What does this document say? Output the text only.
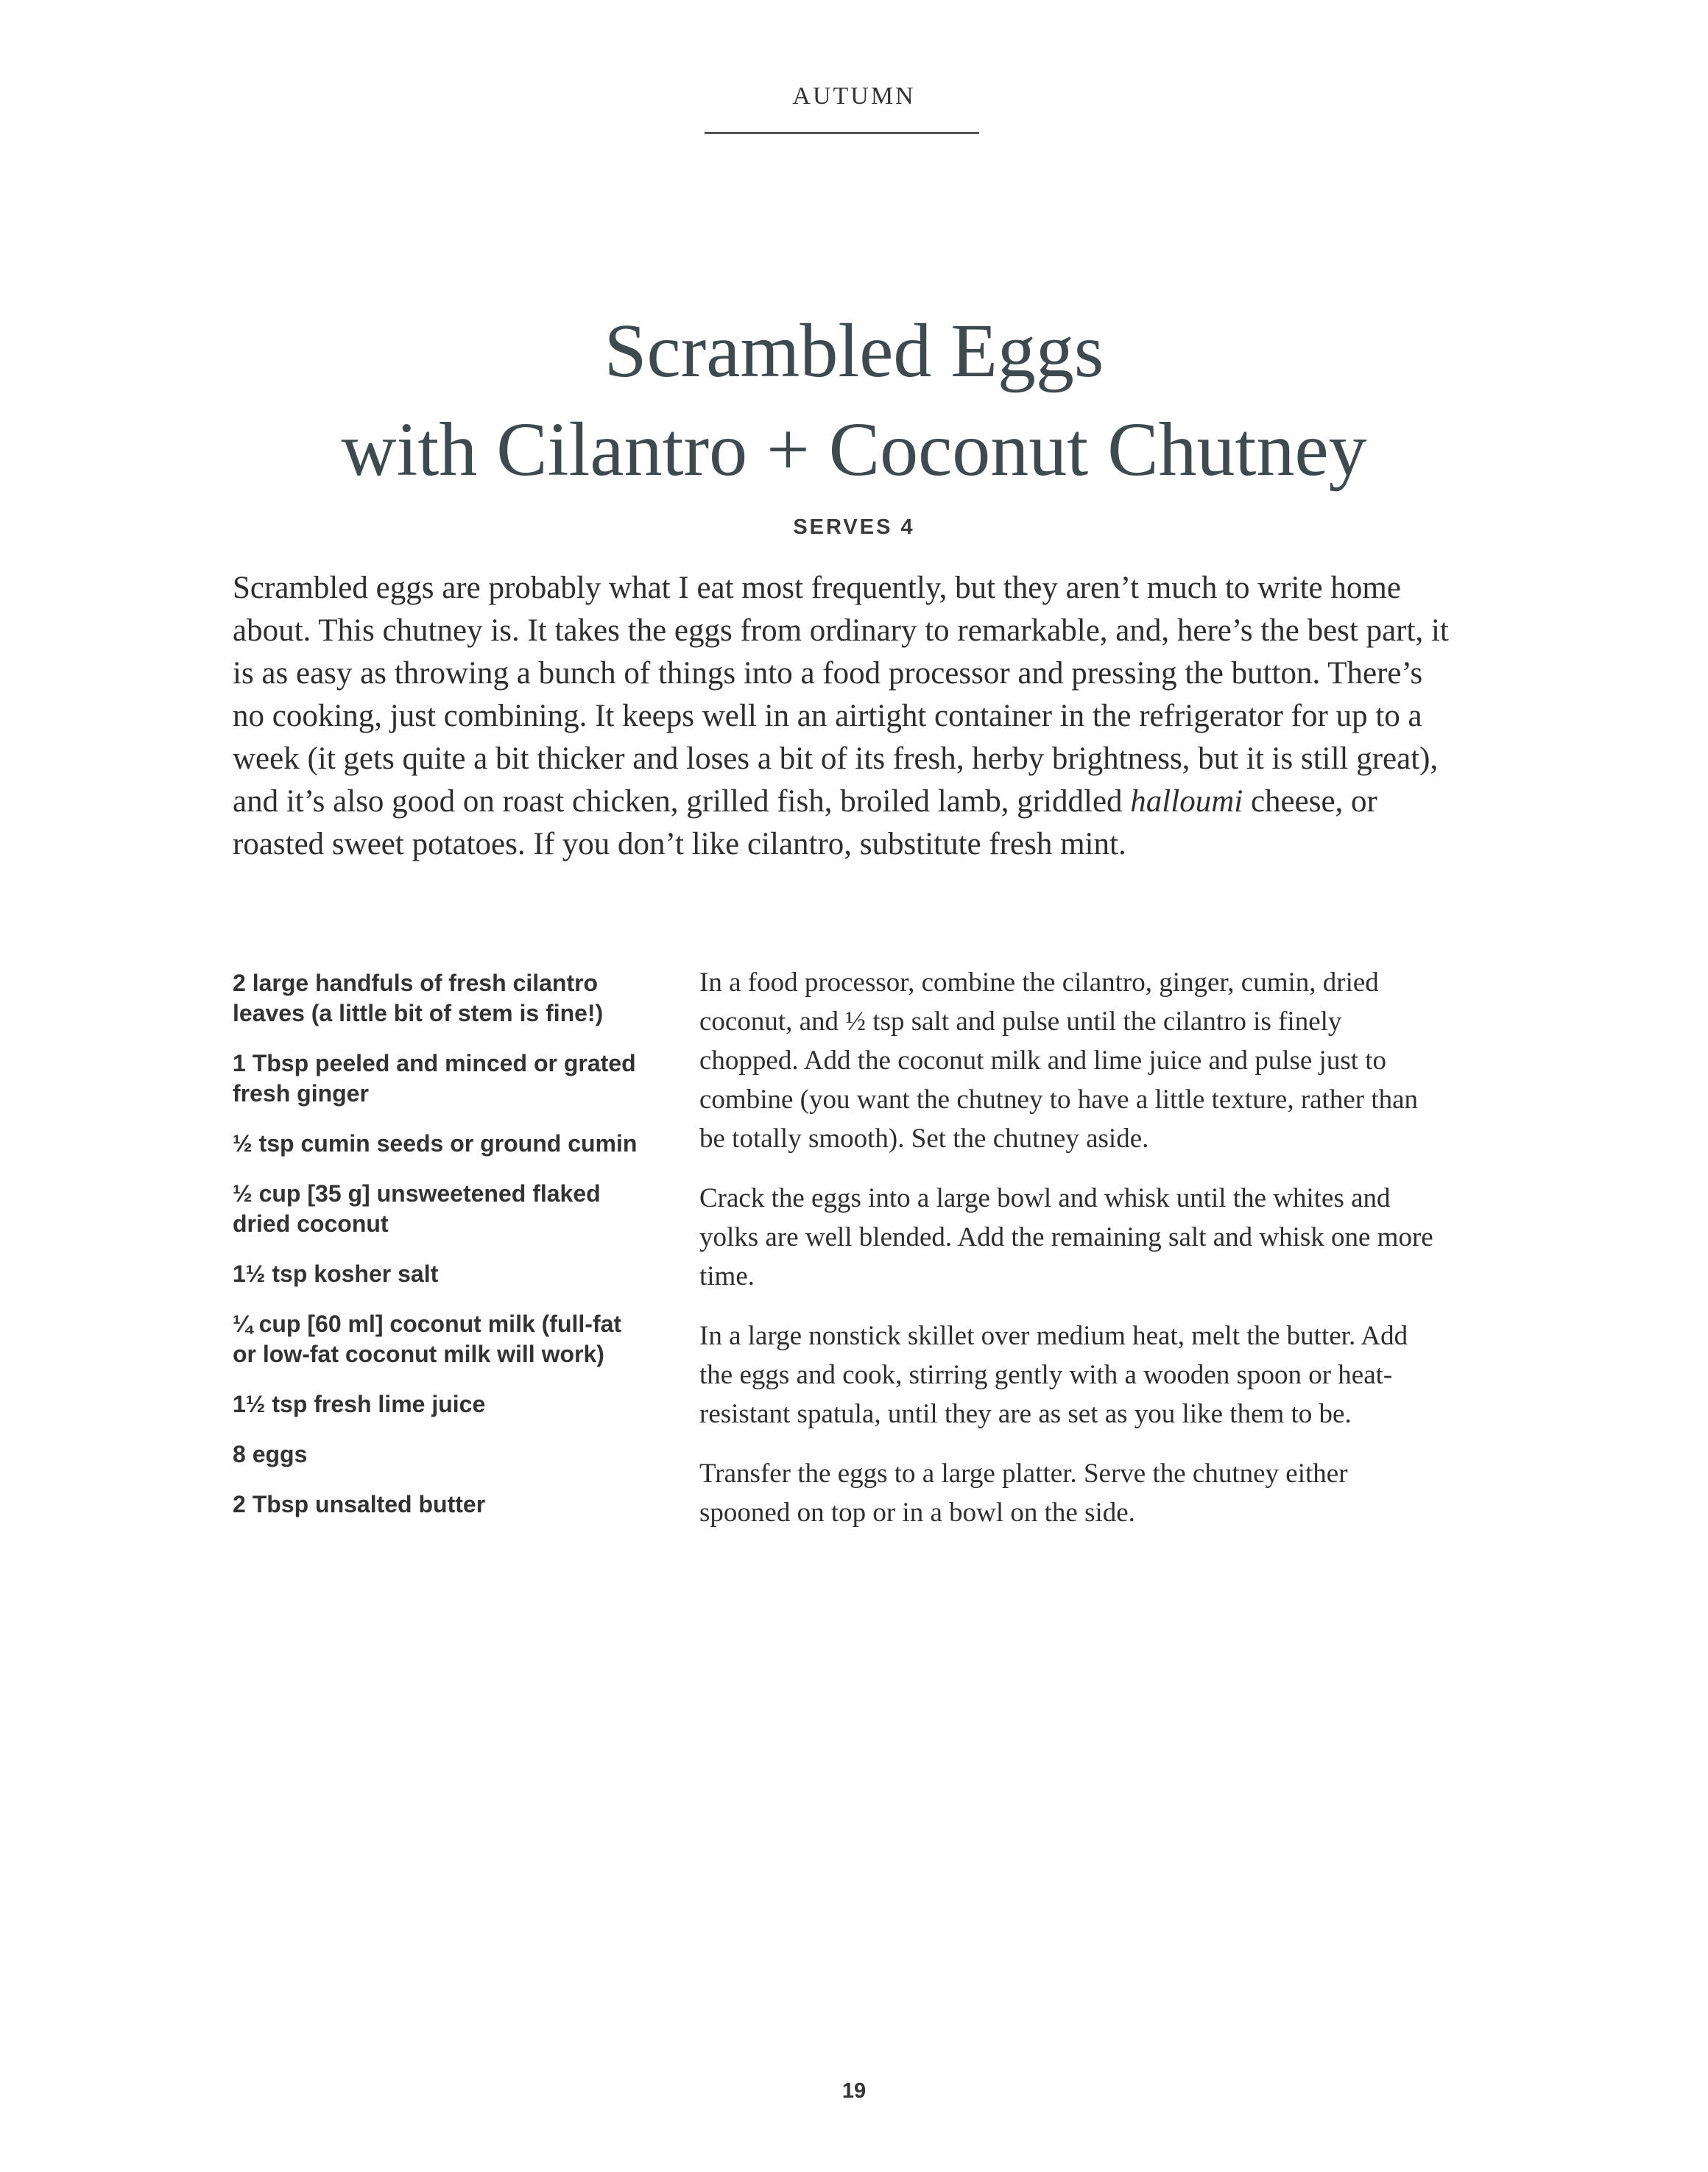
AUTUMN
Scrambled Eggs
with Cilantro + Coconut Chutney
SERVES 4

Scrambled eggs are probably what I eat most frequently, but they aren’t much to write home about. This chutney is. It takes the eggs from ordinary to remarkable, and, here’s the best part, it is as easy as throwing a bunch of things into a food processor and pressing the button. There’s no cooking, just combining. It keeps well in an airtight container in the refrigerator for up to a week (it gets quite a bit thicker and loses a bit of its fresh, herby brightness, but it is still great), and it’s also good on roast chicken, grilled fish, broiled lamb, griddled halloumi cheese, or roasted sweet potatoes. If you don’t like cilantro, substitute fresh mint.

2 large handfuls of fresh cilantro leaves (a little bit of stem is fine!)
1 Tbsp peeled and minced or grated fresh ginger
½ tsp cumin seeds or ground cumin
½ cup [35 g] unsweetened flaked dried coconut
1½ tsp kosher salt
¼ cup [60 ml] coconut milk (full-fat or low-fat coconut milk will work)
1½ tsp fresh lime juice
8 eggs
2 Tbsp unsalted butter

In a food processor, combine the cilantro, ginger, cumin, dried coconut, and ½ tsp salt and pulse until the cilantro is finely chopped. Add the coconut milk and lime juice and pulse just to combine (you want the chutney to have a little texture, rather than be totally smooth). Set the chutney aside.

Crack the eggs into a large bowl and whisk until the whites and yolks are well blended. Add the remaining salt and whisk one more time.

In a large nonstick skillet over medium heat, melt the butter. Add the eggs and cook, stirring gently with a wooden spoon or heat-resistant spatula, until they are as set as you like them to be.

Transfer the eggs to a large platter. Serve the chutney either spooned on top or in a bowl on the side.

19
